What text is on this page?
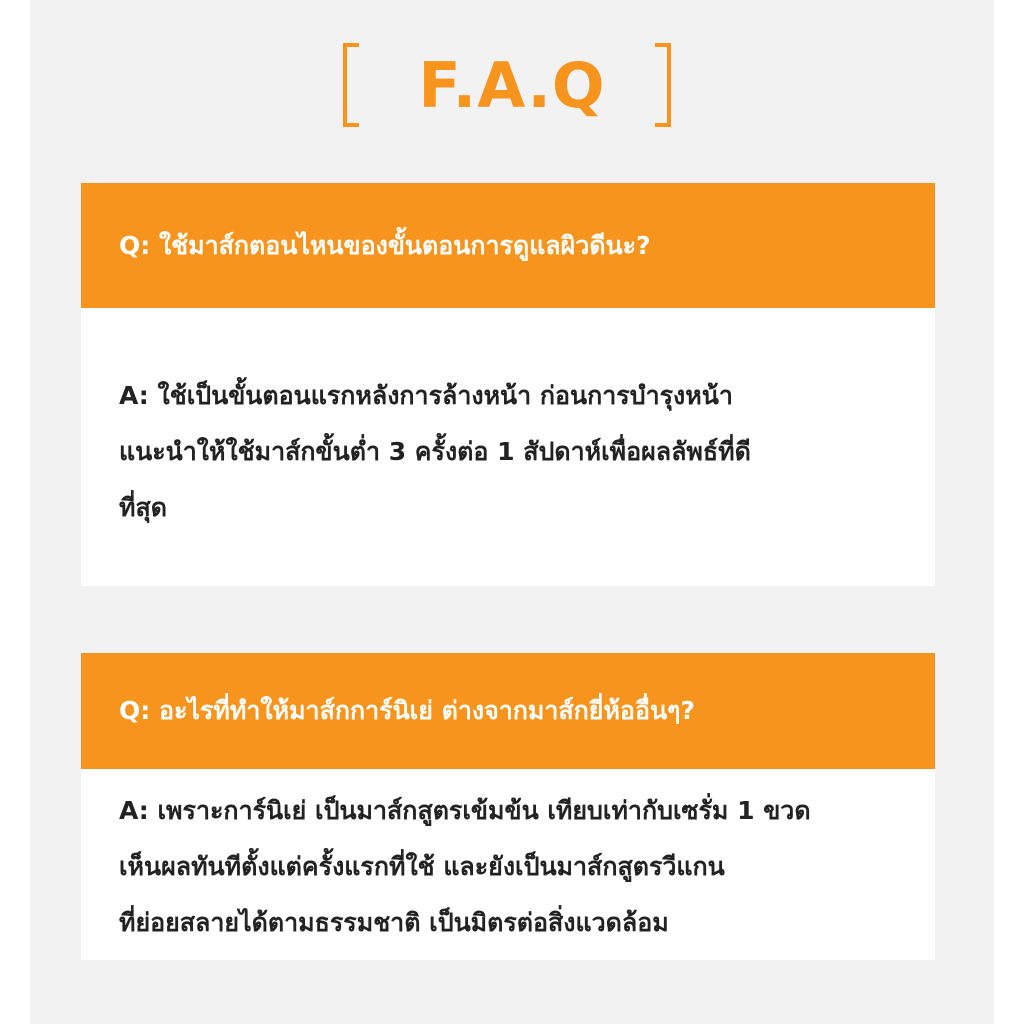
F.A.Q
Q: ใช้มาส์กตอนไหนของขั้นตอนการดูแลผิวดีนะ?
A: ใช้เป็นขั้นตอนแรกหลังการล้างหน้า ก่อนการบำรุงหน้า
แนะนำให้ใช้มาส์กขั้นต่ำ 3 ครั้งต่อ 1 สัปดาห์เพื่อผลลัพธ์ที่ดี
ที่สุด
Q: อะไรที่ทำให้มาส์กการ์นิเย่ ต่างจากมาส์กยี่ห้ออื่นๆ?
A: เพราะการ์นิเย่ เป็นมาส์กสูตรเข้มข้น เทียบเท่ากับเซรั่ม 1 ขวด
เห็นผลทันทีตั้งแต่ครั้งแรกที่ใช้ และยังเป็นมาส์กสูตรวีแกน
ที่ย่อยสลายได้ตามธรรมชาติ เป็นมิตรต่อสิ่งแวดล้อม
